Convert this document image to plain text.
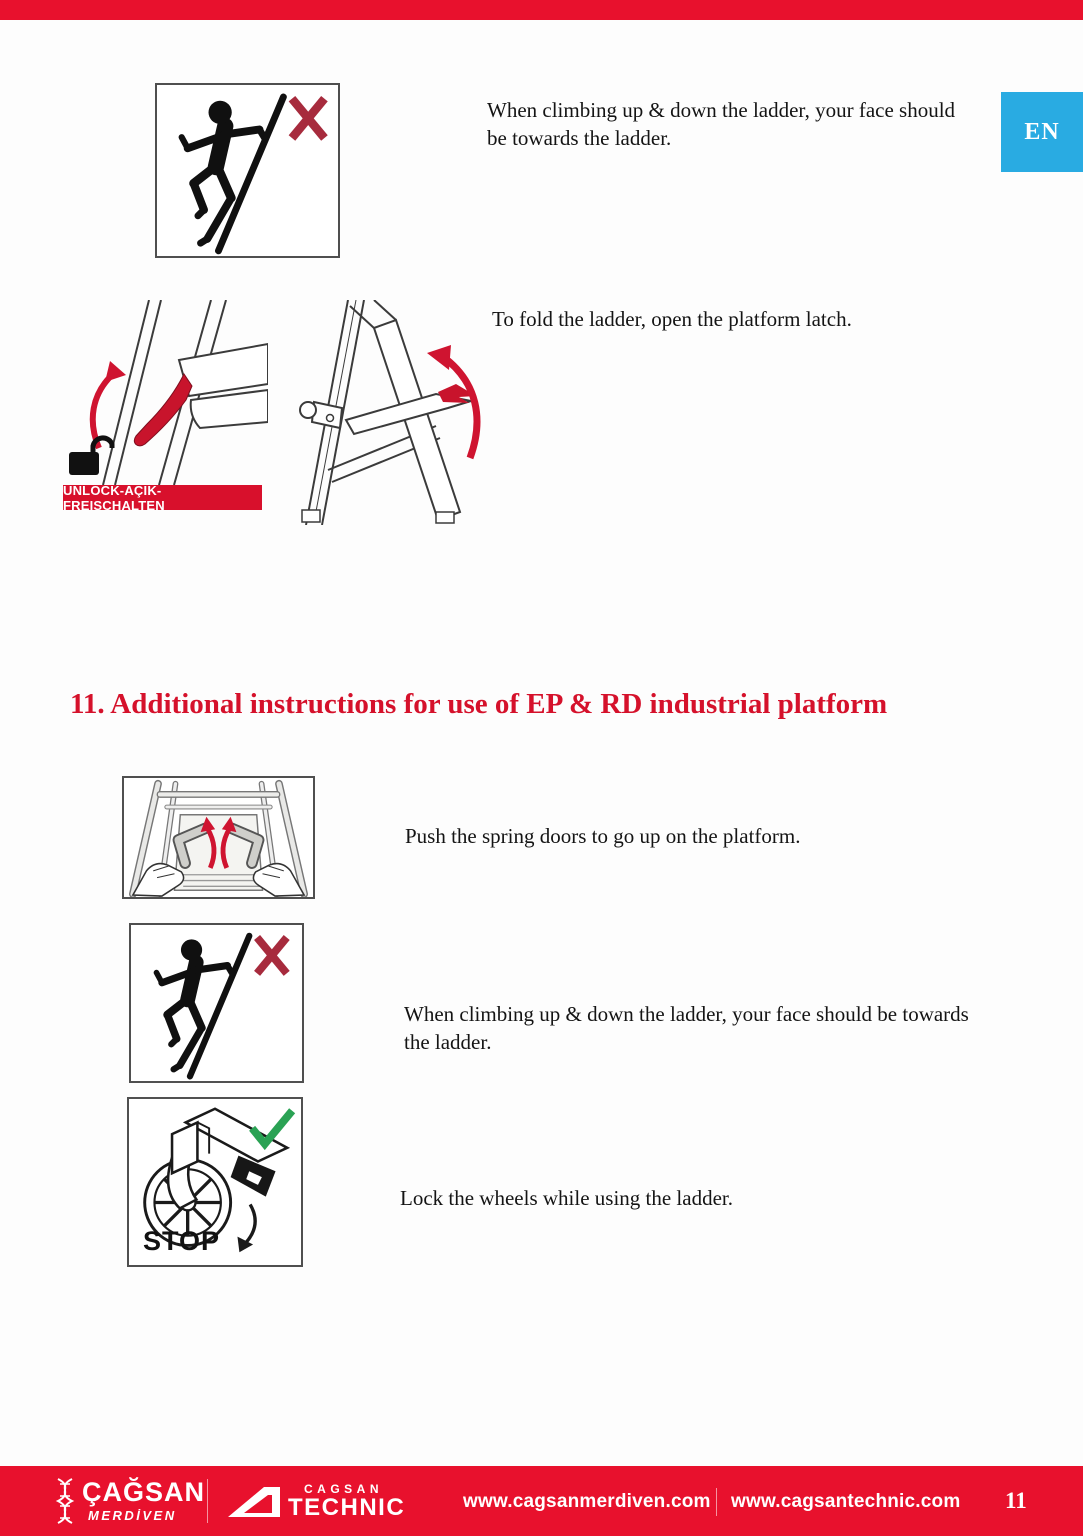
EN
When climbing up & down the ladder, your face should be towards the ladder.
UNLOCK-AÇIK-FREISCHALTEN
To fold the ladder, open the platform latch.
11. Additional instructions for use of EP & RD industrial platform
Push the spring doors to go up on the platform.
When climbing up & down the ladder, your face should be towards the ladder.
STOP
Lock the wheels while using the ladder.
ÇAĞSAN
MERDİVEN
CAGSAN
TECHNIC	www.cagsanmerdiven.com www.cagsantechnic.com 11
